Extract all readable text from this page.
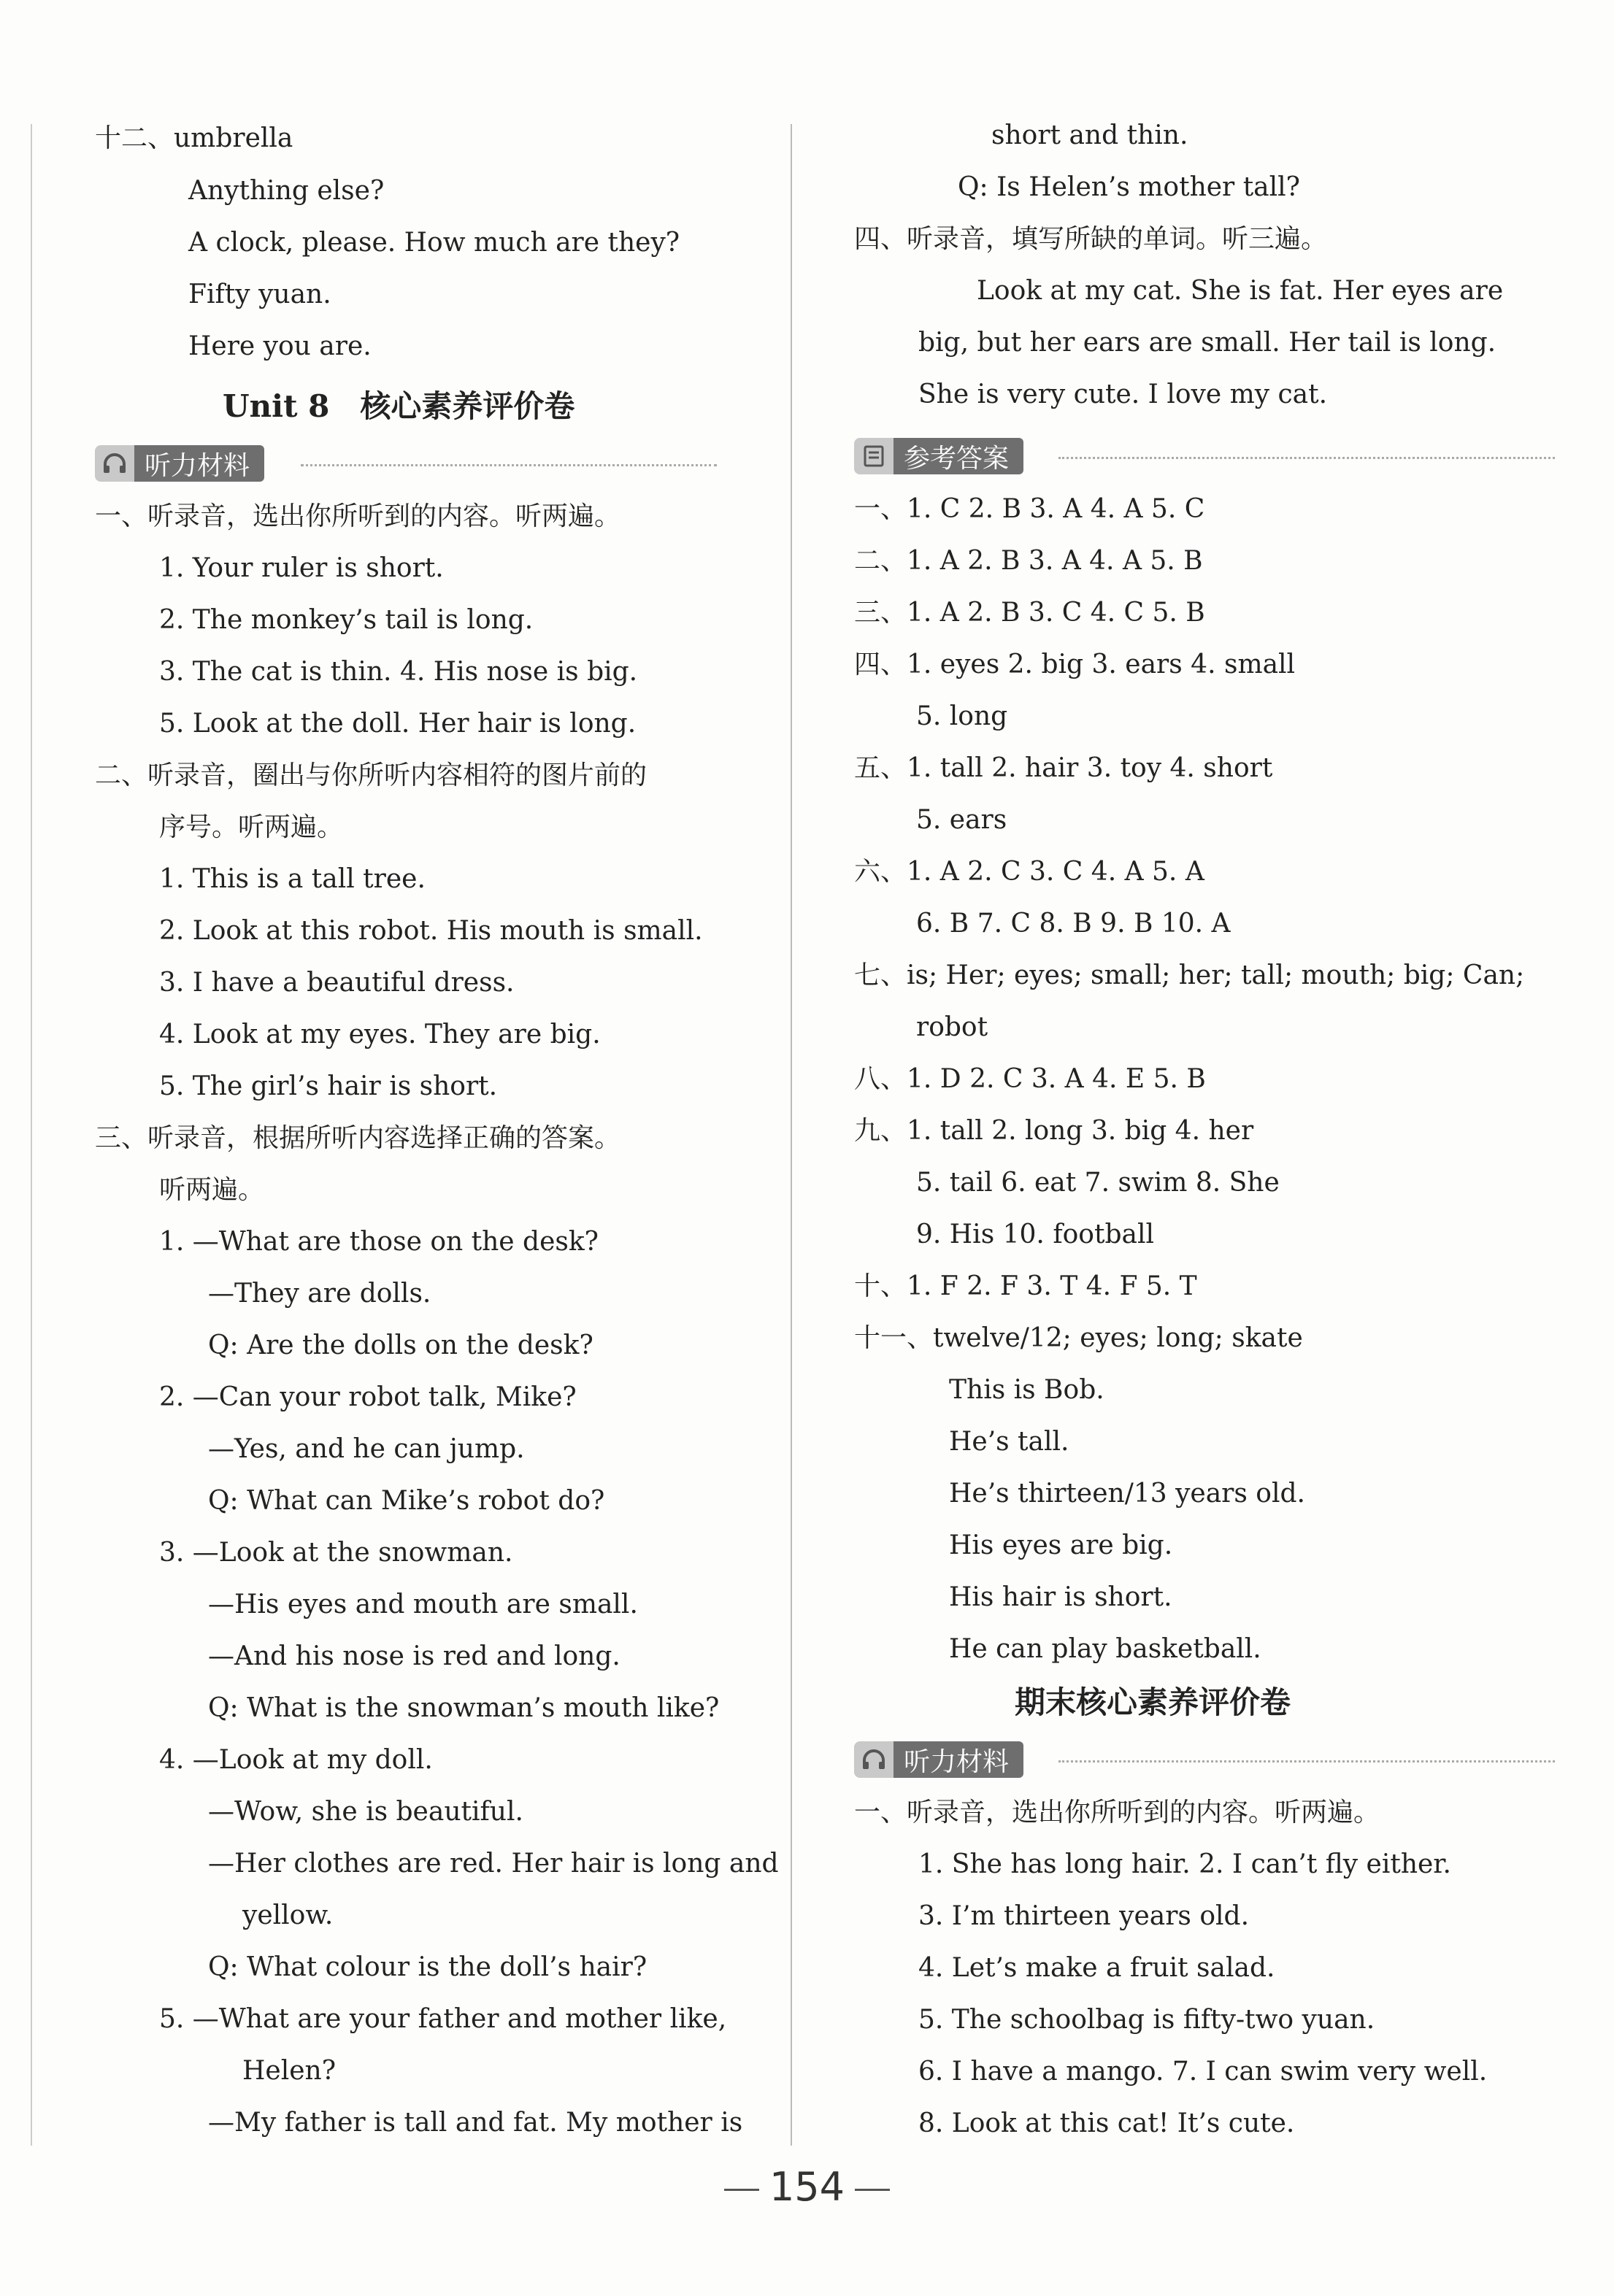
十二、umbrella
Anything else?
A clock, please. How much are they?
Fifty yuan.
Here you are.
Unit 8　核心素养评价卷
听力材料
一、听录音，选出你所听到的内容。听两遍。
1. Your ruler is short.
2. The monkey’s tail is long.
3. The cat is thin. 4. His nose is big.
5. Look at the doll. Her hair is long.
二、听录音，圈出与你所听内容相符的图片前的
序号。听两遍。
1. This is a tall tree.
2. Look at this robot. His mouth is small.
3. I have a beautiful dress.
4. Look at my eyes. They are big.
5. The girl’s hair is short.
三、听录音，根据所听内容选择正确的答案。
听两遍。
1. —What are those on the desk?
—They are dolls.
Q: Are the dolls on the desk?
2. —Can your robot talk, Mike?
—Yes, and he can jump.
Q: What can Mike’s robot do?
3. —Look at the snowman.
—His eyes and mouth are small.
—And his nose is red and long.
Q: What is the snowman’s mouth like?
4. —Look at my doll.
—Wow, she is beautiful.
—Her clothes are red. Her hair is long and
yellow.
Q: What colour is the doll’s hair?
5. —What are your father and mother like,
Helen?
—My father is tall and fat. My mother is
short and thin.
Q: Is Helen’s mother tall?
四、听录音，填写所缺的单词。听三遍。
Look at my cat. She is fat. Her eyes are
big, but her ears are small. Her tail is long.
She is very cute. I love my cat.
参考答案
一、1. C 2. B 3. A 4. A 5. C
二、1. A 2. B 3. A 4. A 5. B
三、1. A 2. B 3. C 4. C 5. B
四、1. eyes 2. big 3. ears 4. small
5. long
五、1. tall 2. hair 3. toy 4. short
5. ears
六、1. A 2. C 3. C 4. A 5. A
6. B 7. C 8. B 9. B 10. A
七、is; Her; eyes; small; her; tall; mouth; big; Can;
robot
八、1. D 2. C 3. A 4. E 5. B
九、1. tall 2. long 3. big 4. her
5. tail 6. eat 7. swim 8. She
9. His 10. football
十、1. F 2. F 3. T 4. F 5. T
十一、twelve/12; eyes; long; skate
This is Bob.
He’s tall.
He’s thirteen/13 years old.
His eyes are big.
His hair is short.
He can play basketball.
期末核心素养评价卷
听力材料
一、听录音，选出你所听到的内容。听两遍。
1. She has long hair. 2. I can’t fly either.
3. I’m thirteen years old.
4. Let’s make a fruit salad.
5. The schoolbag is fifty-two yuan.
6. I have a mango. 7. I can swim very well.
8. Look at this cat! It’s cute.
154
